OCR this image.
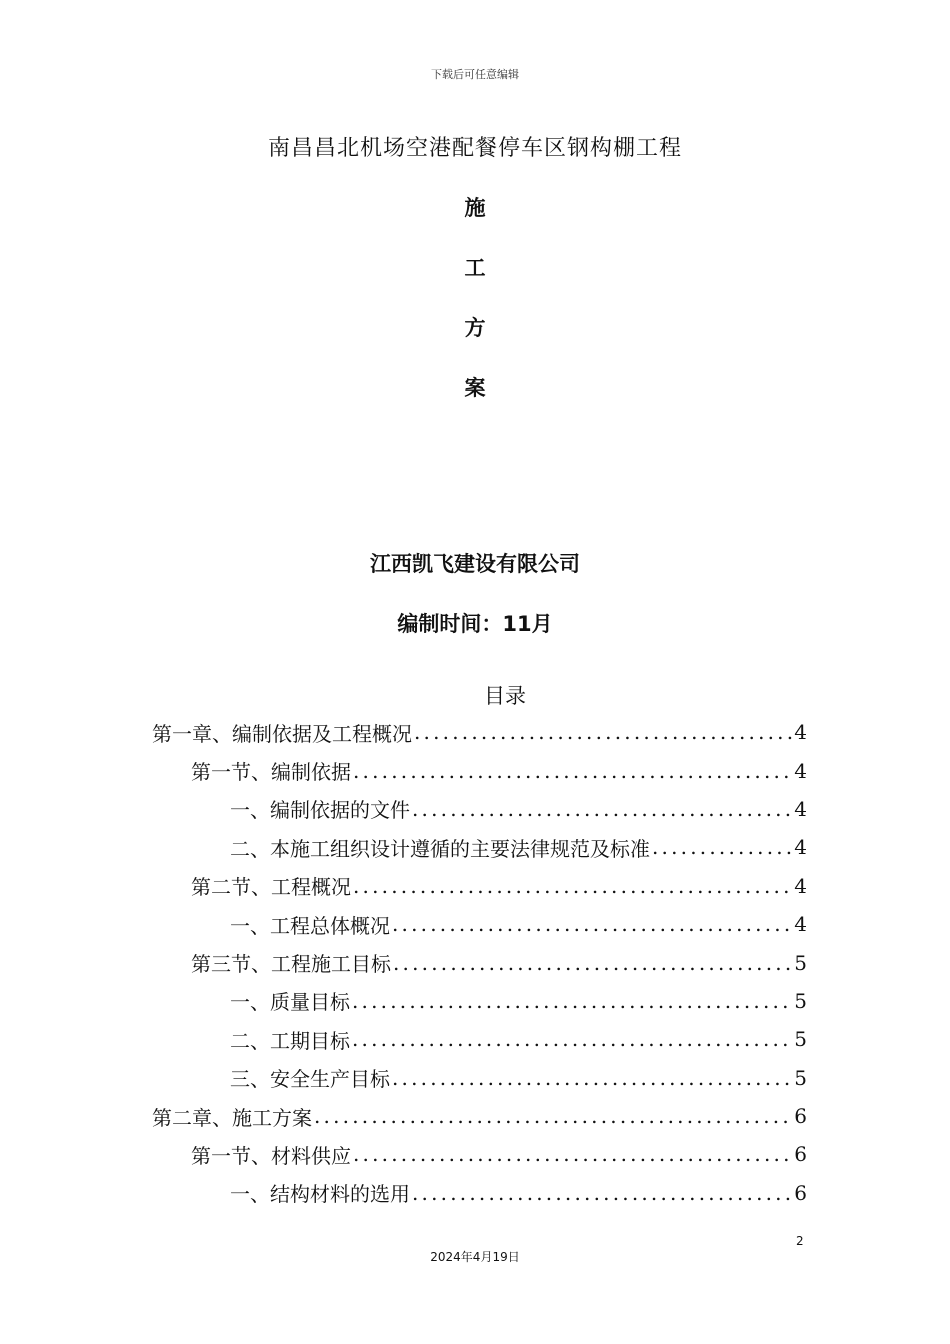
下载后可任意编辑
南昌昌北机场空港配餐停车区钢构棚工程
施
工
方
案
江西凯飞建设有限公司
编制时间：11月
目录
第一章、编制依据及工程概况 .....	4
第一节、编制依据 .....	4
一、编制依据的文件 .....	4
二、本施工组织设计遵循的主要法律规范及标准 .....	4
第二节、工程概况 .....	4
一、工程总体概况 .....	4
第三节、工程施工目标 .....	5
一、质量目标 .....	5
二、工期目标 .....	5
三、安全生产目标 .....	5
第二章、施工方案 .....	6
第一节、材料供应 .....	6
一、结构材料的选用 .....	6
2
2024年4月19日
